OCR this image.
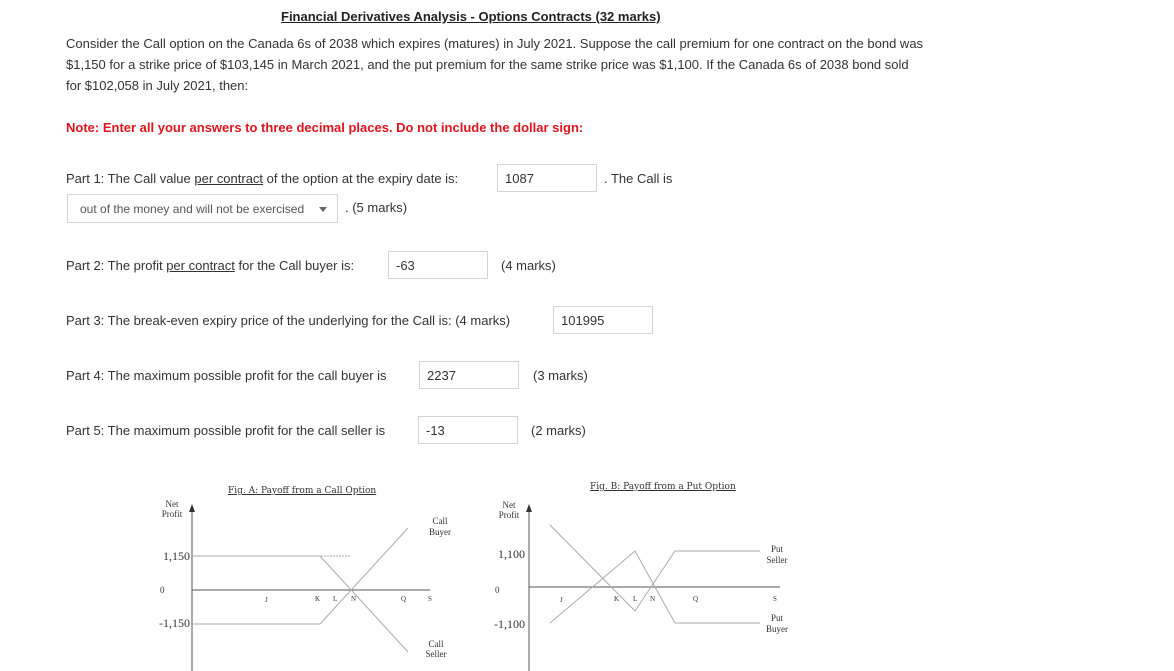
Financial Derivatives Analysis - Options Contracts (32 marks)
Consider the Call option on the Canada 6s of 2038 which expires (matures) in July 2021. Suppose the call premium for one contract on the bond was $1,150 for a strike price of $103,145 in March 2021, and the put premium for the same strike price was $1,100. If the Canada 6s of 2038 bond sold for $102,058 in July 2021, then:
Note: Enter all your answers to three decimal places. Do not include the dollar sign:
Part 1: The Call value per contract of the option at the expiry date is:
1087	. The Call is
out of the money and will not be exercised	. (5 marks)
Part 2: The profit per contract for the Call buyer is:
-63	(4 marks)
Part 3: The break-even expiry price of the underlying for the Call is: (4 marks)
101995
Part 4: The maximum possible profit for the call buyer is
2237	(3 marks)
Part 5: The maximum possible profit for the call seller is
-13	(2 marks)
Fig. A: Payoff from a Call Option
Net
Profit
1,150
0
-1,150
J	K L N	Q	S
Call
Buyer
Call
Seller
Fig. B: Payoff from a Put Option
Net
Profit
1,100
0
-1,100
J	K L N	Q	S
Put
Seller
Put
Buyer
